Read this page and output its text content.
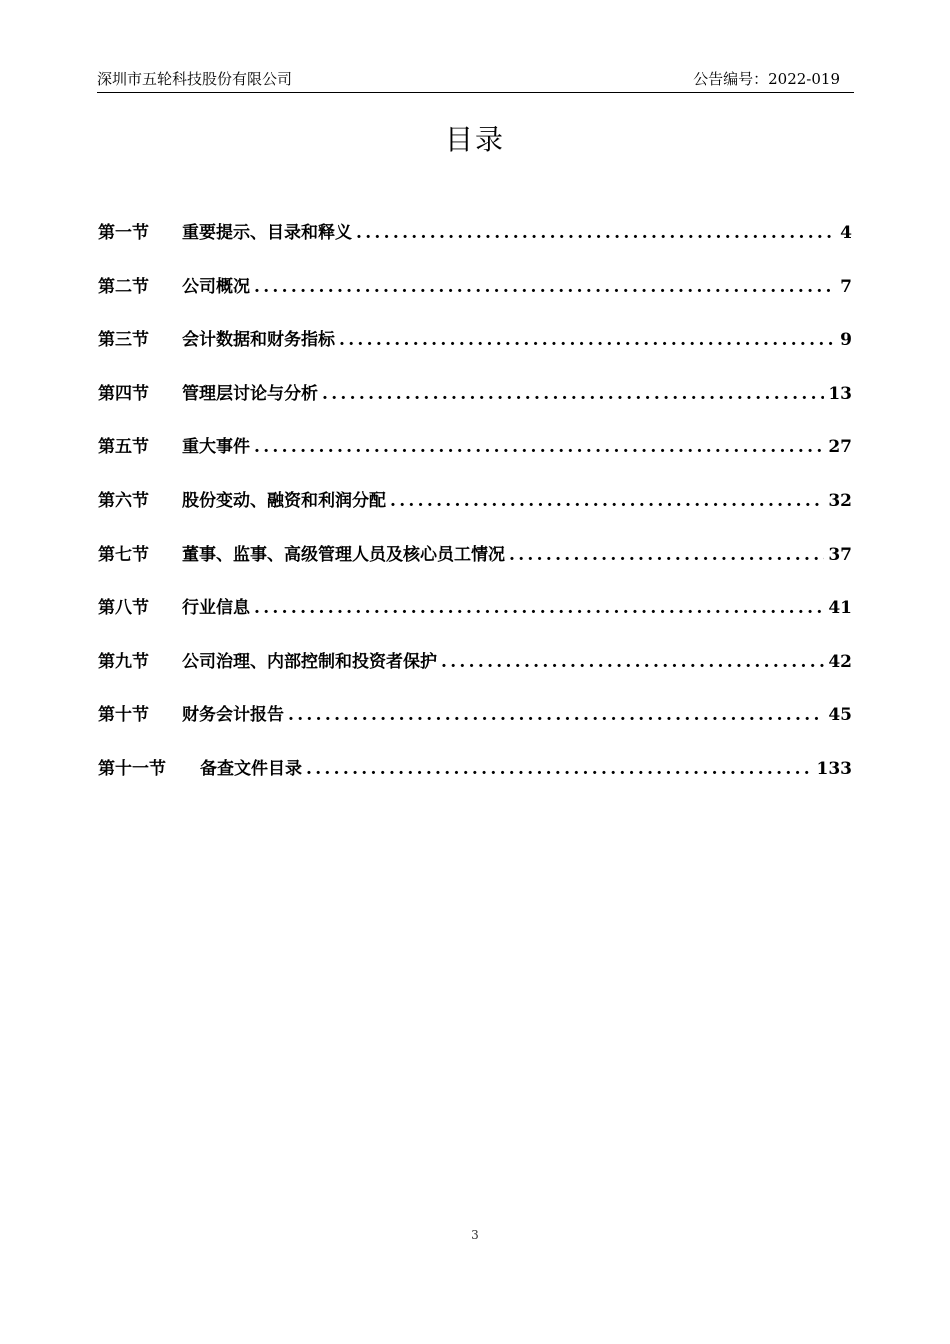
深圳市五轮科技股份有限公司	公告编号：2022-019
目录
第一节	重要提示、目录和释义 .....	4
第二节	公司概况 .....	7
第三节	会计数据和财务指标 .....	9
第四节	管理层讨论与分析 .....	13
第五节	重大事件 .....	27
第六节	股份变动、融资和利润分配 .....	32
第七节	董事、监事、高级管理人员及核心员工情况 .....	37
第八节	行业信息 .....	41
第九节	公司治理、内部控制和投资者保护 .....	42
第十节	财务会计报告 .....	45
第十一节	备查文件目录 .....	133
3
